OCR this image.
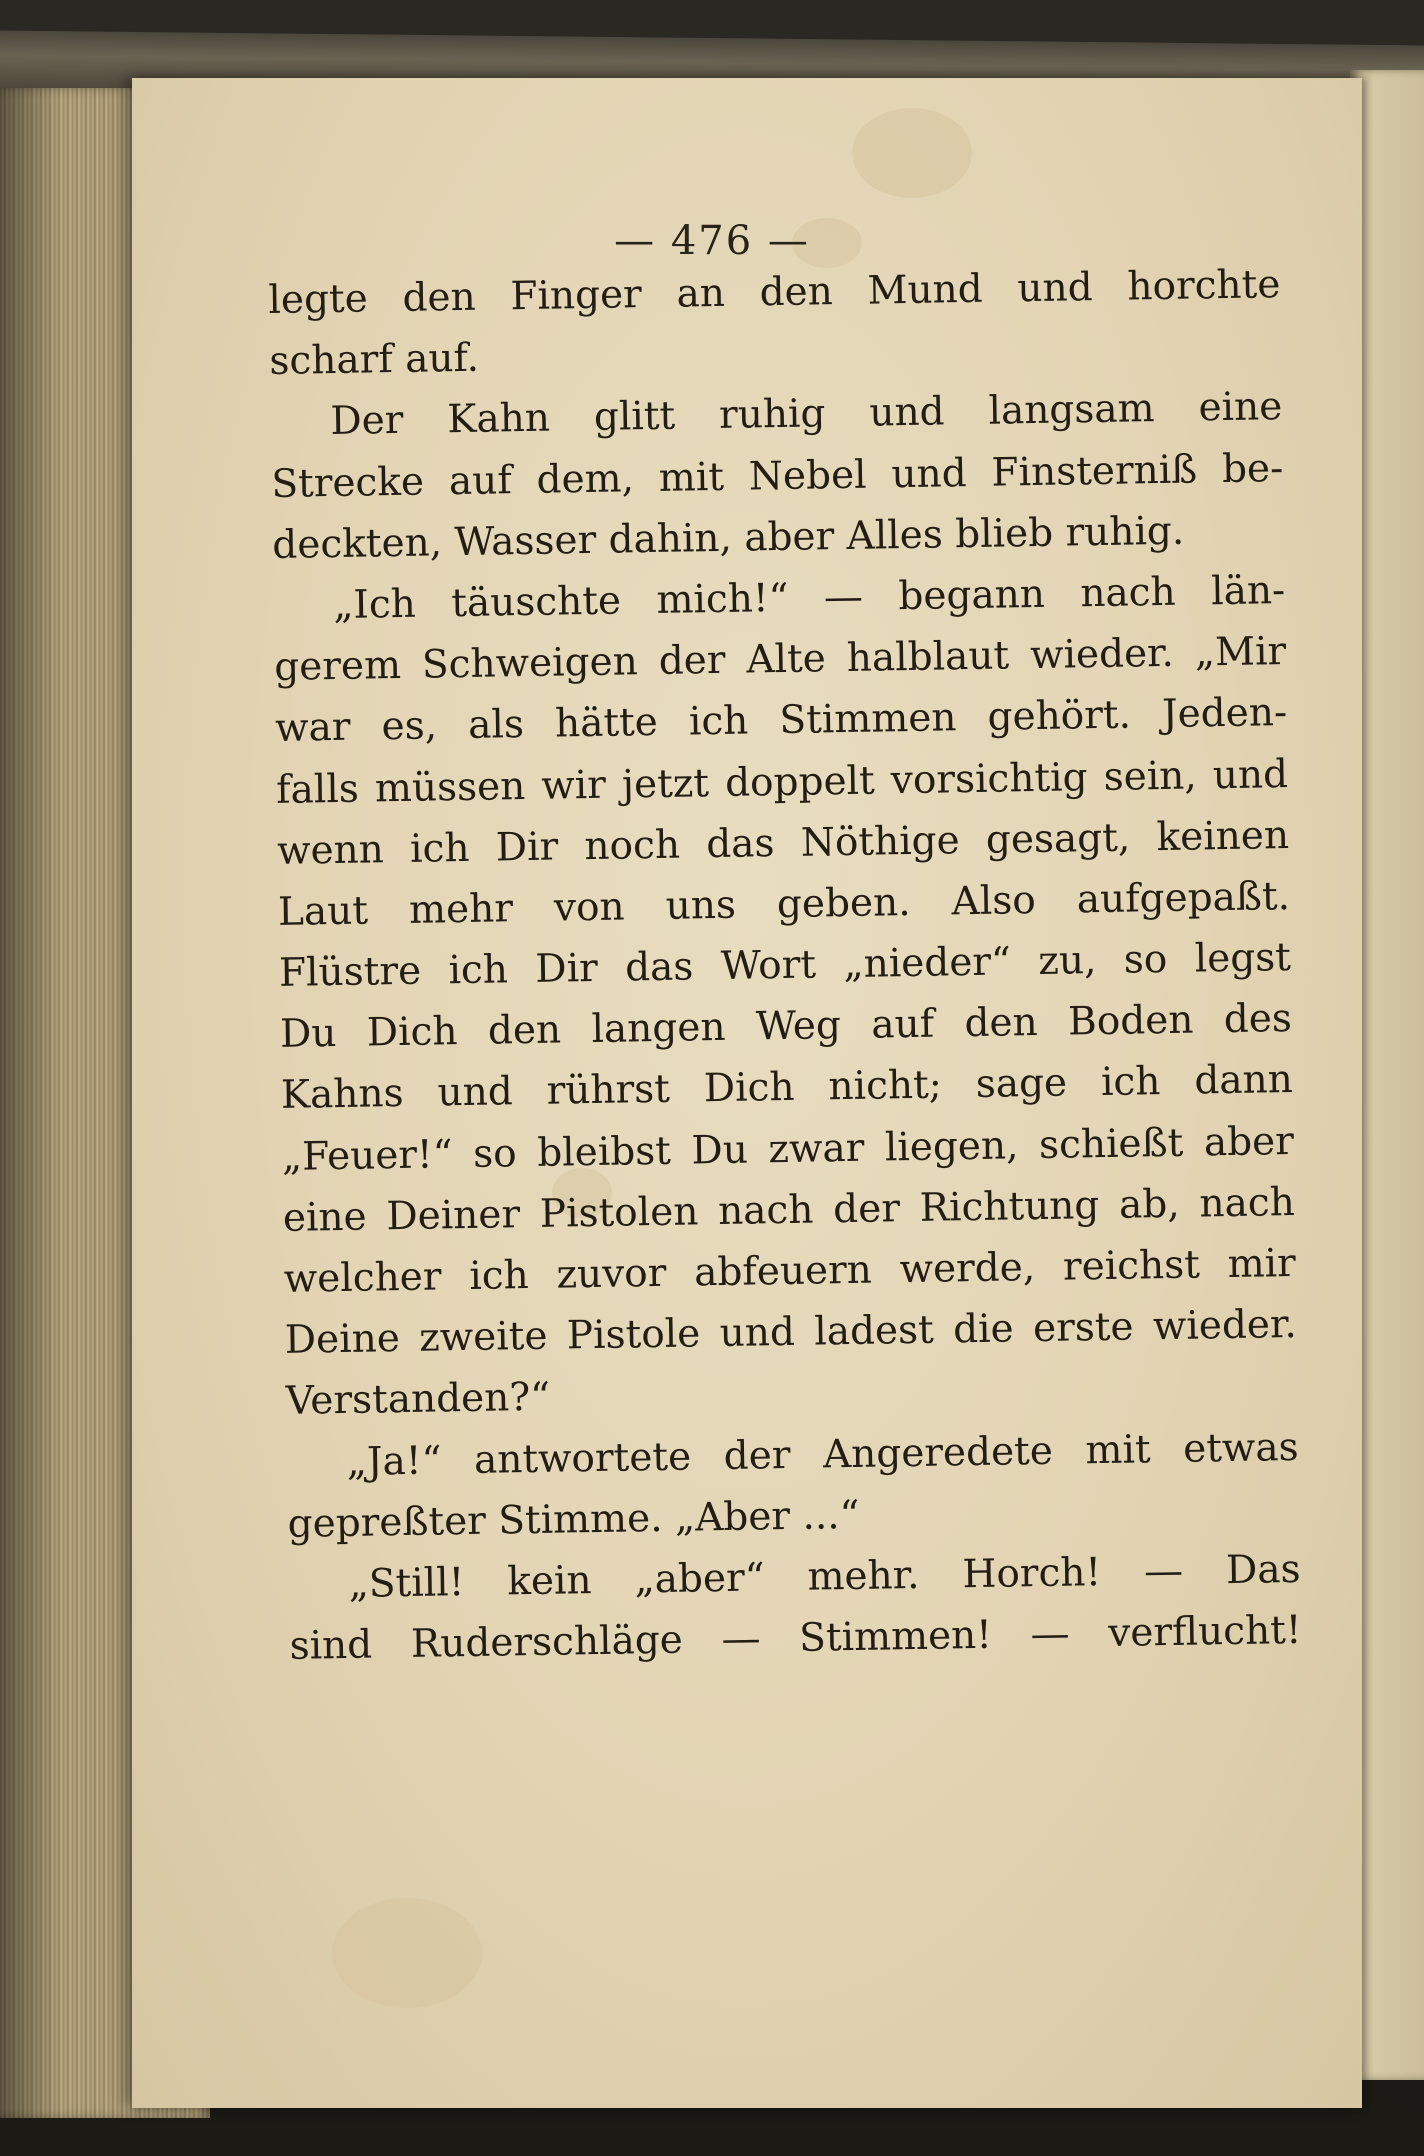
— 476 —
legte den Finger an den Mund und horchte
scharf auf.
Der Kahn glitt ruhig und langsam eine
Strecke auf dem, mit Nebel und Finsterniß be-
deckten, Wasser dahin, aber Alles blieb ruhig.
„Ich täuschte mich!“ — begann nach län-
gerem Schweigen der Alte halblaut wieder. „Mir
war es, als hätte ich Stimmen gehört. Jeden-
falls müssen wir jetzt doppelt vorsichtig sein, und
wenn ich Dir noch das Nöthige gesagt, keinen
Laut mehr von uns geben. Also aufgepaßt.
Flüstre ich Dir das Wort „nieder“ zu, so legst
Du Dich den langen Weg auf den Boden des
Kahns und rührst Dich nicht; sage ich dann
„Feuer!“ so bleibst Du zwar liegen, schießt aber
eine Deiner Pistolen nach der Richtung ab, nach
welcher ich zuvor abfeuern werde, reichst mir
Deine zweite Pistole und ladest die erste wieder.
Verstanden?“
„Ja!“ antwortete der Angeredete mit etwas
gepreßter Stimme. „Aber ...“
„Still! kein „aber“ mehr. Horch! — Das
sind Ruderschläge — Stimmen! — verflucht!
